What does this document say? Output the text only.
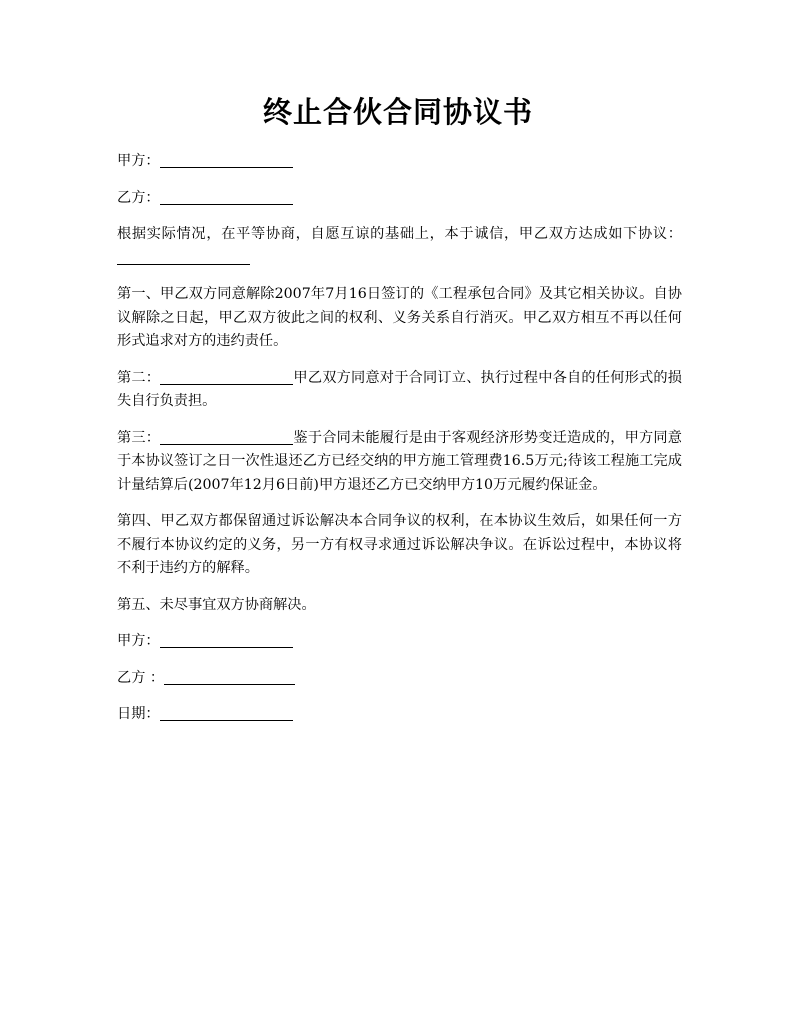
终止合伙合同协议书

甲方：

乙方：

根据实际情况，在平等协商，自愿互谅的基础上，本于诚信，甲乙双方达成如下协议：

第一、甲乙双方同意解除2007年7月16日签订的《工程承包合同》及其它相关协议。自协议解除之日起，甲乙双方彼此之间的权利、义务关系自行消灭。甲乙双方相互不再以任何形式追求对方的违约责任。

第二：	甲乙双方同意对于合同订立、执行过程中各自的任何形式的损失自行负责担。

第三：	鉴于合同未能履行是由于客观经济形势变迁造成的，甲方同意于本协议签订之日一次性退还乙方已经交纳的甲方施工管理费16.5万元;待该工程施工完成计量结算后(2007年12月6日前)甲方退还乙方已交纳甲方10万元履约保证金。

第四、甲乙双方都保留通过诉讼解决本合同争议的权利，在本协议生效后，如果任何一方不履行本协议约定的义务，另一方有权寻求通过诉讼解决争议。在诉讼过程中，本协议将不利于违约方的解释。

第五、未尽事宜双方协商解决。

甲方：

乙方 ：

日期：
